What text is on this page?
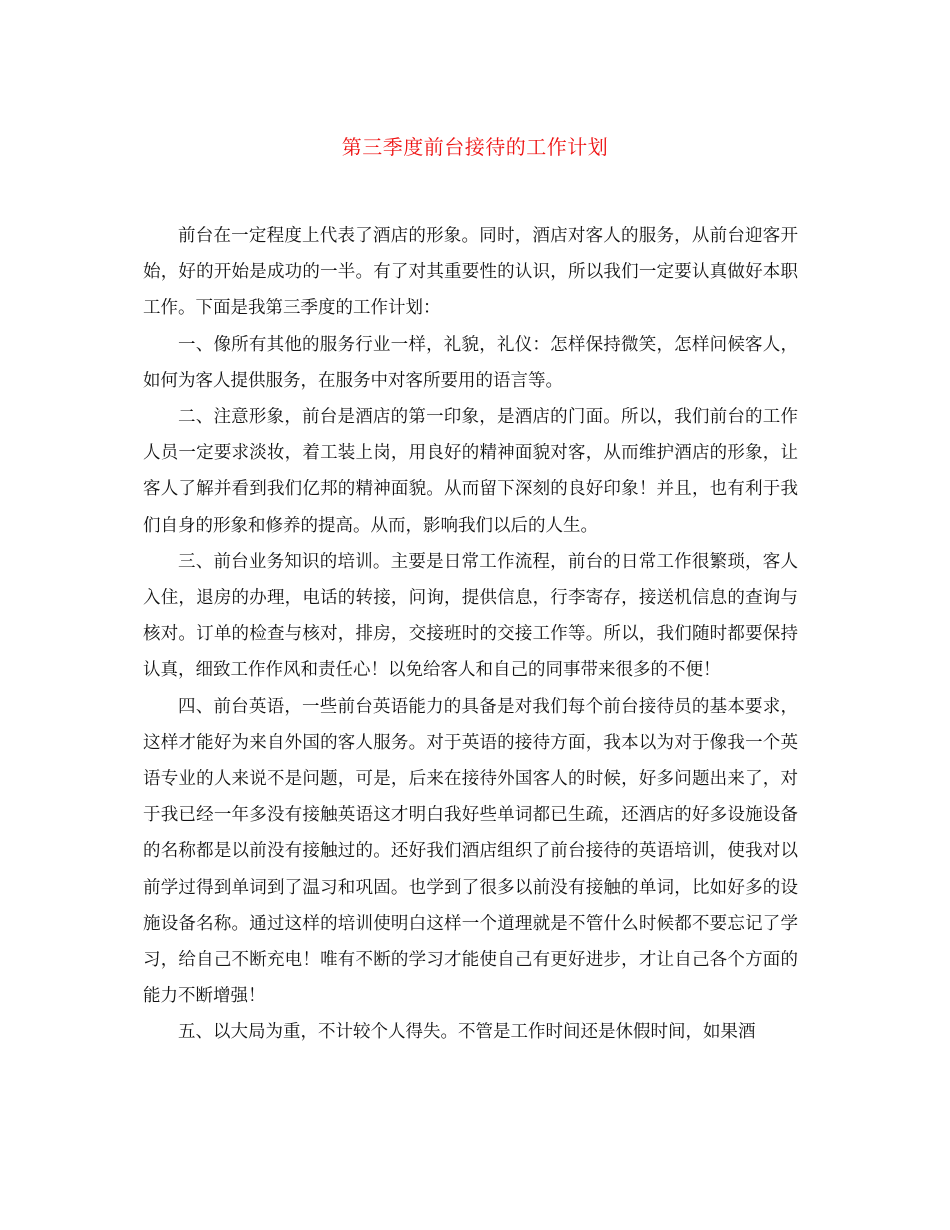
第三季度前台接待的工作计划

前台在一定程度上代表了酒店的形象。同时，酒店对客人的服务，从前台迎客开始，好的开始是成功的一半。有了对其重要性的认识，所以我们一定要认真做好本职工作。下面是我第三季度的工作计划：

一、像所有其他的服务行业一样，礼貌，礼仪：怎样保持微笑，怎样问候客人，如何为客人提供服务，在服务中对客所要用的语言等。

二、注意形象，前台是酒店的第一印象，是酒店的门面。所以，我们前台的工作人员一定要求淡妆，着工装上岗，用良好的精神面貌对客，从而维护酒店的形象，让客人了解并看到我们亿邦的精神面貌。从而留下深刻的良好印象！并且，也有利于我们自身的形象和修养的提高。从而，影响我们以后的人生。

三、前台业务知识的培训。主要是日常工作流程，前台的日常工作很繁琐，客人入住，退房的办理，电话的转接，问询，提供信息，行李寄存，接送机信息的查询与核对。订单的检查与核对，排房，交接班时的交接工作等。所以，我们随时都要保持认真，细致工作作风和责任心！以免给客人和自己的同事带来很多的不便！

四、前台英语，一些前台英语能力的具备是对我们每个前台接待员的基本要求，这样才能好为来自外国的客人服务。对于英语的接待方面，我本以为对于像我一个英语专业的人来说不是问题，可是，后来在接待外国客人的时候，好多问题出来了，对于我已经一年多没有接触英语这才明白我好些单词都已生疏，还酒店的好多设施设备的名称都是以前没有接触过的。还好我们酒店组织了前台接待的英语培训，使我对以前学过得到单词到了温习和巩固。也学到了很多以前没有接触的单词，比如好多的设施设备名称。通过这样的培训使明白这样一个道理就是不管什么时候都不要忘记了学习，给自己不断充电！唯有不断的学习才能使自己有更好进步，才让自己各个方面的能力不断增强！

五、以大局为重，不计较个人得失。不管是工作时间还是休假时间，如果酒
